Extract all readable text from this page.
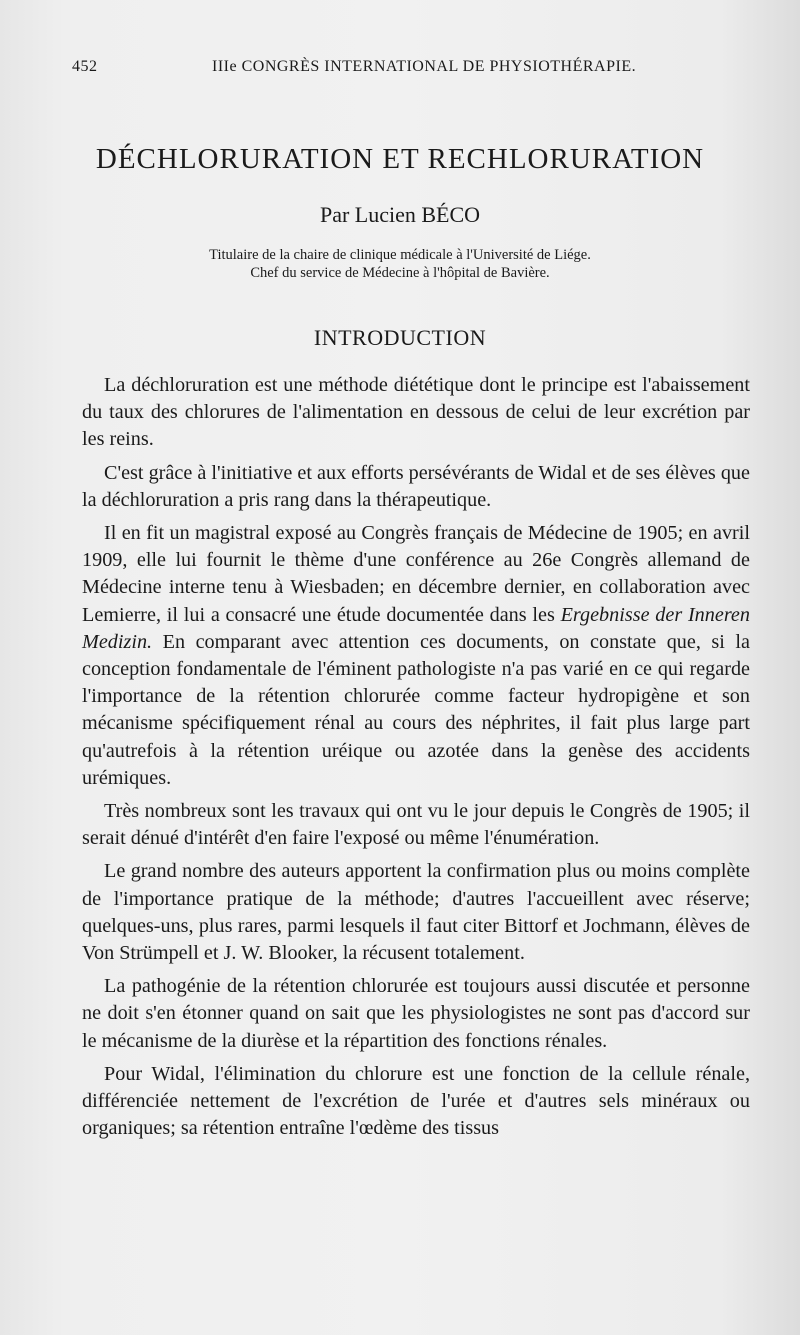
452	IIIe CONGRÈS INTERNATIONAL DE PHYSIOTHÉRAPIE.
DÉCHLORURATION ET RECHLORURATION
Par Lucien BÉCO
Titulaire de la chaire de clinique médicale à l'Université de Liége.
Chef du service de Médecine à l'hôpital de Bavière.
INTRODUCTION

La déchloruration est une méthode diététique dont le principe est l'abaissement du taux des chlorures de l'alimentation en dessous de celui de leur excrétion par les reins.

C'est grâce à l'initiative et aux efforts persévérants de Widal et de ses élèves que la déchloruration a pris rang dans la thérapeutique.

Il en fit un magistral exposé au Congrès français de Médecine de 1905; en avril 1909, elle lui fournit le thème d'une conférence au 26e Congrès allemand de Médecine interne tenu à Wiesbaden; en décembre dernier, en collaboration avec Lemierre, il lui a consacré une étude documentée dans les Ergebnisse der Inneren Medizin. En comparant avec attention ces documents, on constate que, si la conception fondamentale de l'éminent pathologiste n'a pas varié en ce qui regarde l'importance de la rétention chlorurée comme facteur hydropigène et son mécanisme spécifiquement rénal au cours des néphrites, il fait plus large part qu'autrefois à la rétention uréique ou azotée dans la genèse des accidents urémiques.

Très nombreux sont les travaux qui ont vu le jour depuis le Congrès de 1905; il serait dénué d'intérêt d'en faire l'exposé ou même l'énumération.

Le grand nombre des auteurs apportent la confirmation plus ou moins complète de l'importance pratique de la méthode; d'autres l'accueillent avec réserve; quelques-uns, plus rares, parmi lesquels il faut citer Bittorf et Jochmann, élèves de Von Strümpell et J. W. Blooker, la récusent totalement.

La pathogénie de la rétention chlorurée est toujours aussi discutée et personne ne doit s'en étonner quand on sait que les physiologistes ne sont pas d'accord sur le mécanisme de la diurèse et la répartition des fonctions rénales.

Pour Widal, l'élimination du chlorure est une fonction de la cellule rénale, différenciée nettement de l'excrétion de l'urée et d'autres sels minéraux ou organiques; sa rétention entraîne l'œdème des tissus
